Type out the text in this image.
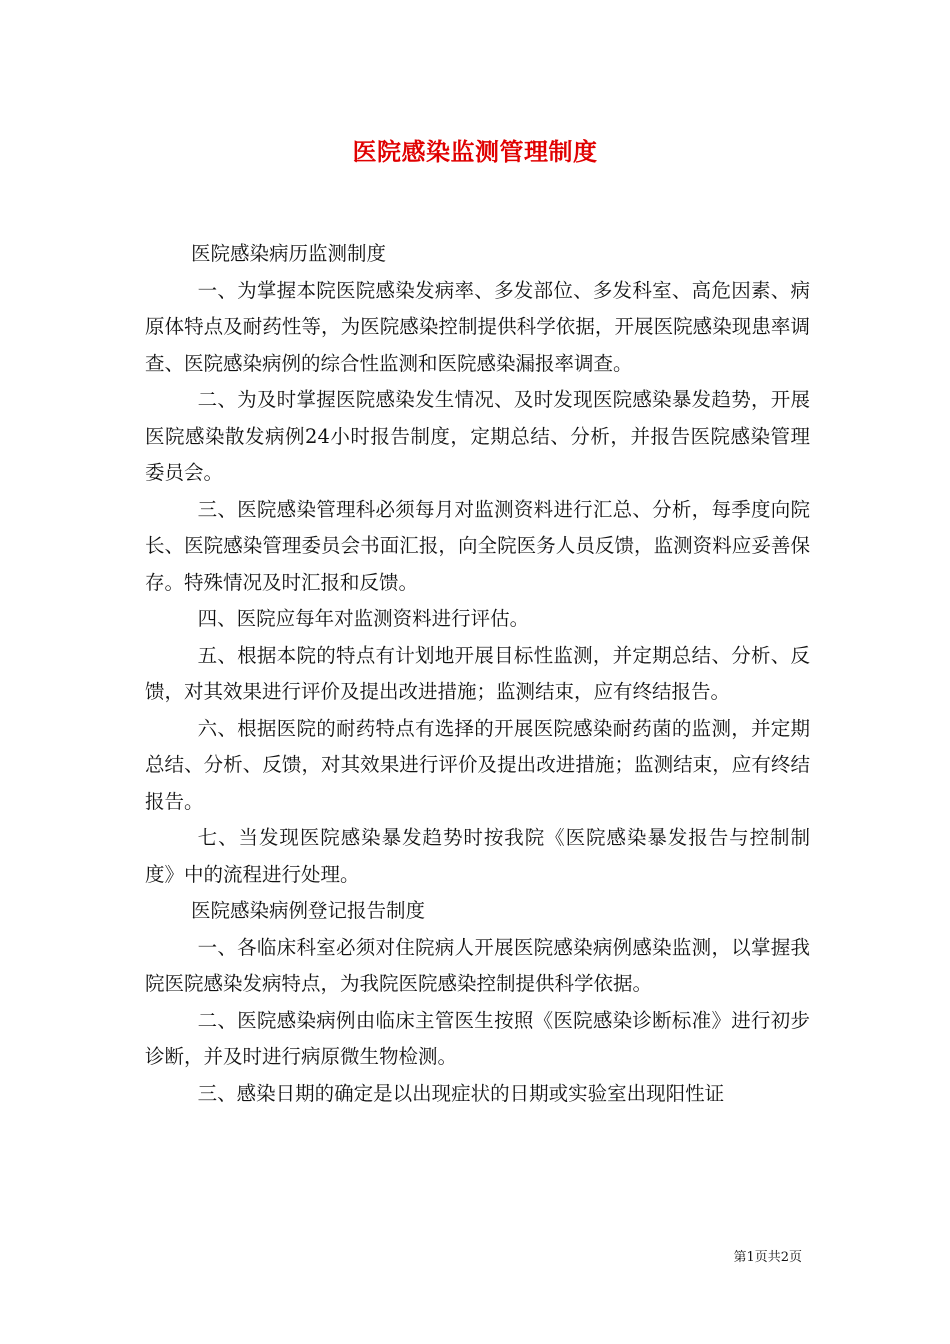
医院感染监测管理制度

医院感染病历监测制度

一、为掌握本院医院感染发病率、多发部位、多发科室、高危因素、病原体特点及耐药性等，为医院感染控制提供科学依据，开展医院感染现患率调查、医院感染病例的综合性监测和医院感染漏报率调查。

二、为及时掌握医院感染发生情况、及时发现医院感染暴发趋势，开展医院感染散发病例24小时报告制度，定期总结、分析，并报告医院感染管理委员会。

三、医院感染管理科必须每月对监测资料进行汇总、分析，每季度向院长、医院感染管理委员会书面汇报，向全院医务人员反馈，监测资料应妥善保存。特殊情况及时汇报和反馈。

四、医院应每年对监测资料进行评估。

五、根据本院的特点有计划地开展目标性监测，并定期总结、分析、反馈，对其效果进行评价及提出改进措施；监测结束，应有终结报告。

六、根据医院的耐药特点有选择的开展医院感染耐药菌的监测，并定期总结、分析、反馈，对其效果进行评价及提出改进措施；监测结束，应有终结报告。

七、当发现医院感染暴发趋势时按我院《医院感染暴发报告与控制制度》中的流程进行处理。

医院感染病例登记报告制度

一、各临床科室必须对住院病人开展医院感染病例感染监测，以掌握我院医院感染发病特点，为我院医院感染控制提供科学依据。

二、医院感染病例由临床主管医生按照《医院感染诊断标准》进行初步诊断，并及时进行病原微生物检测。

三、感染日期的确定是以出现症状的日期或实验室出现阳性证

第1页共2页
